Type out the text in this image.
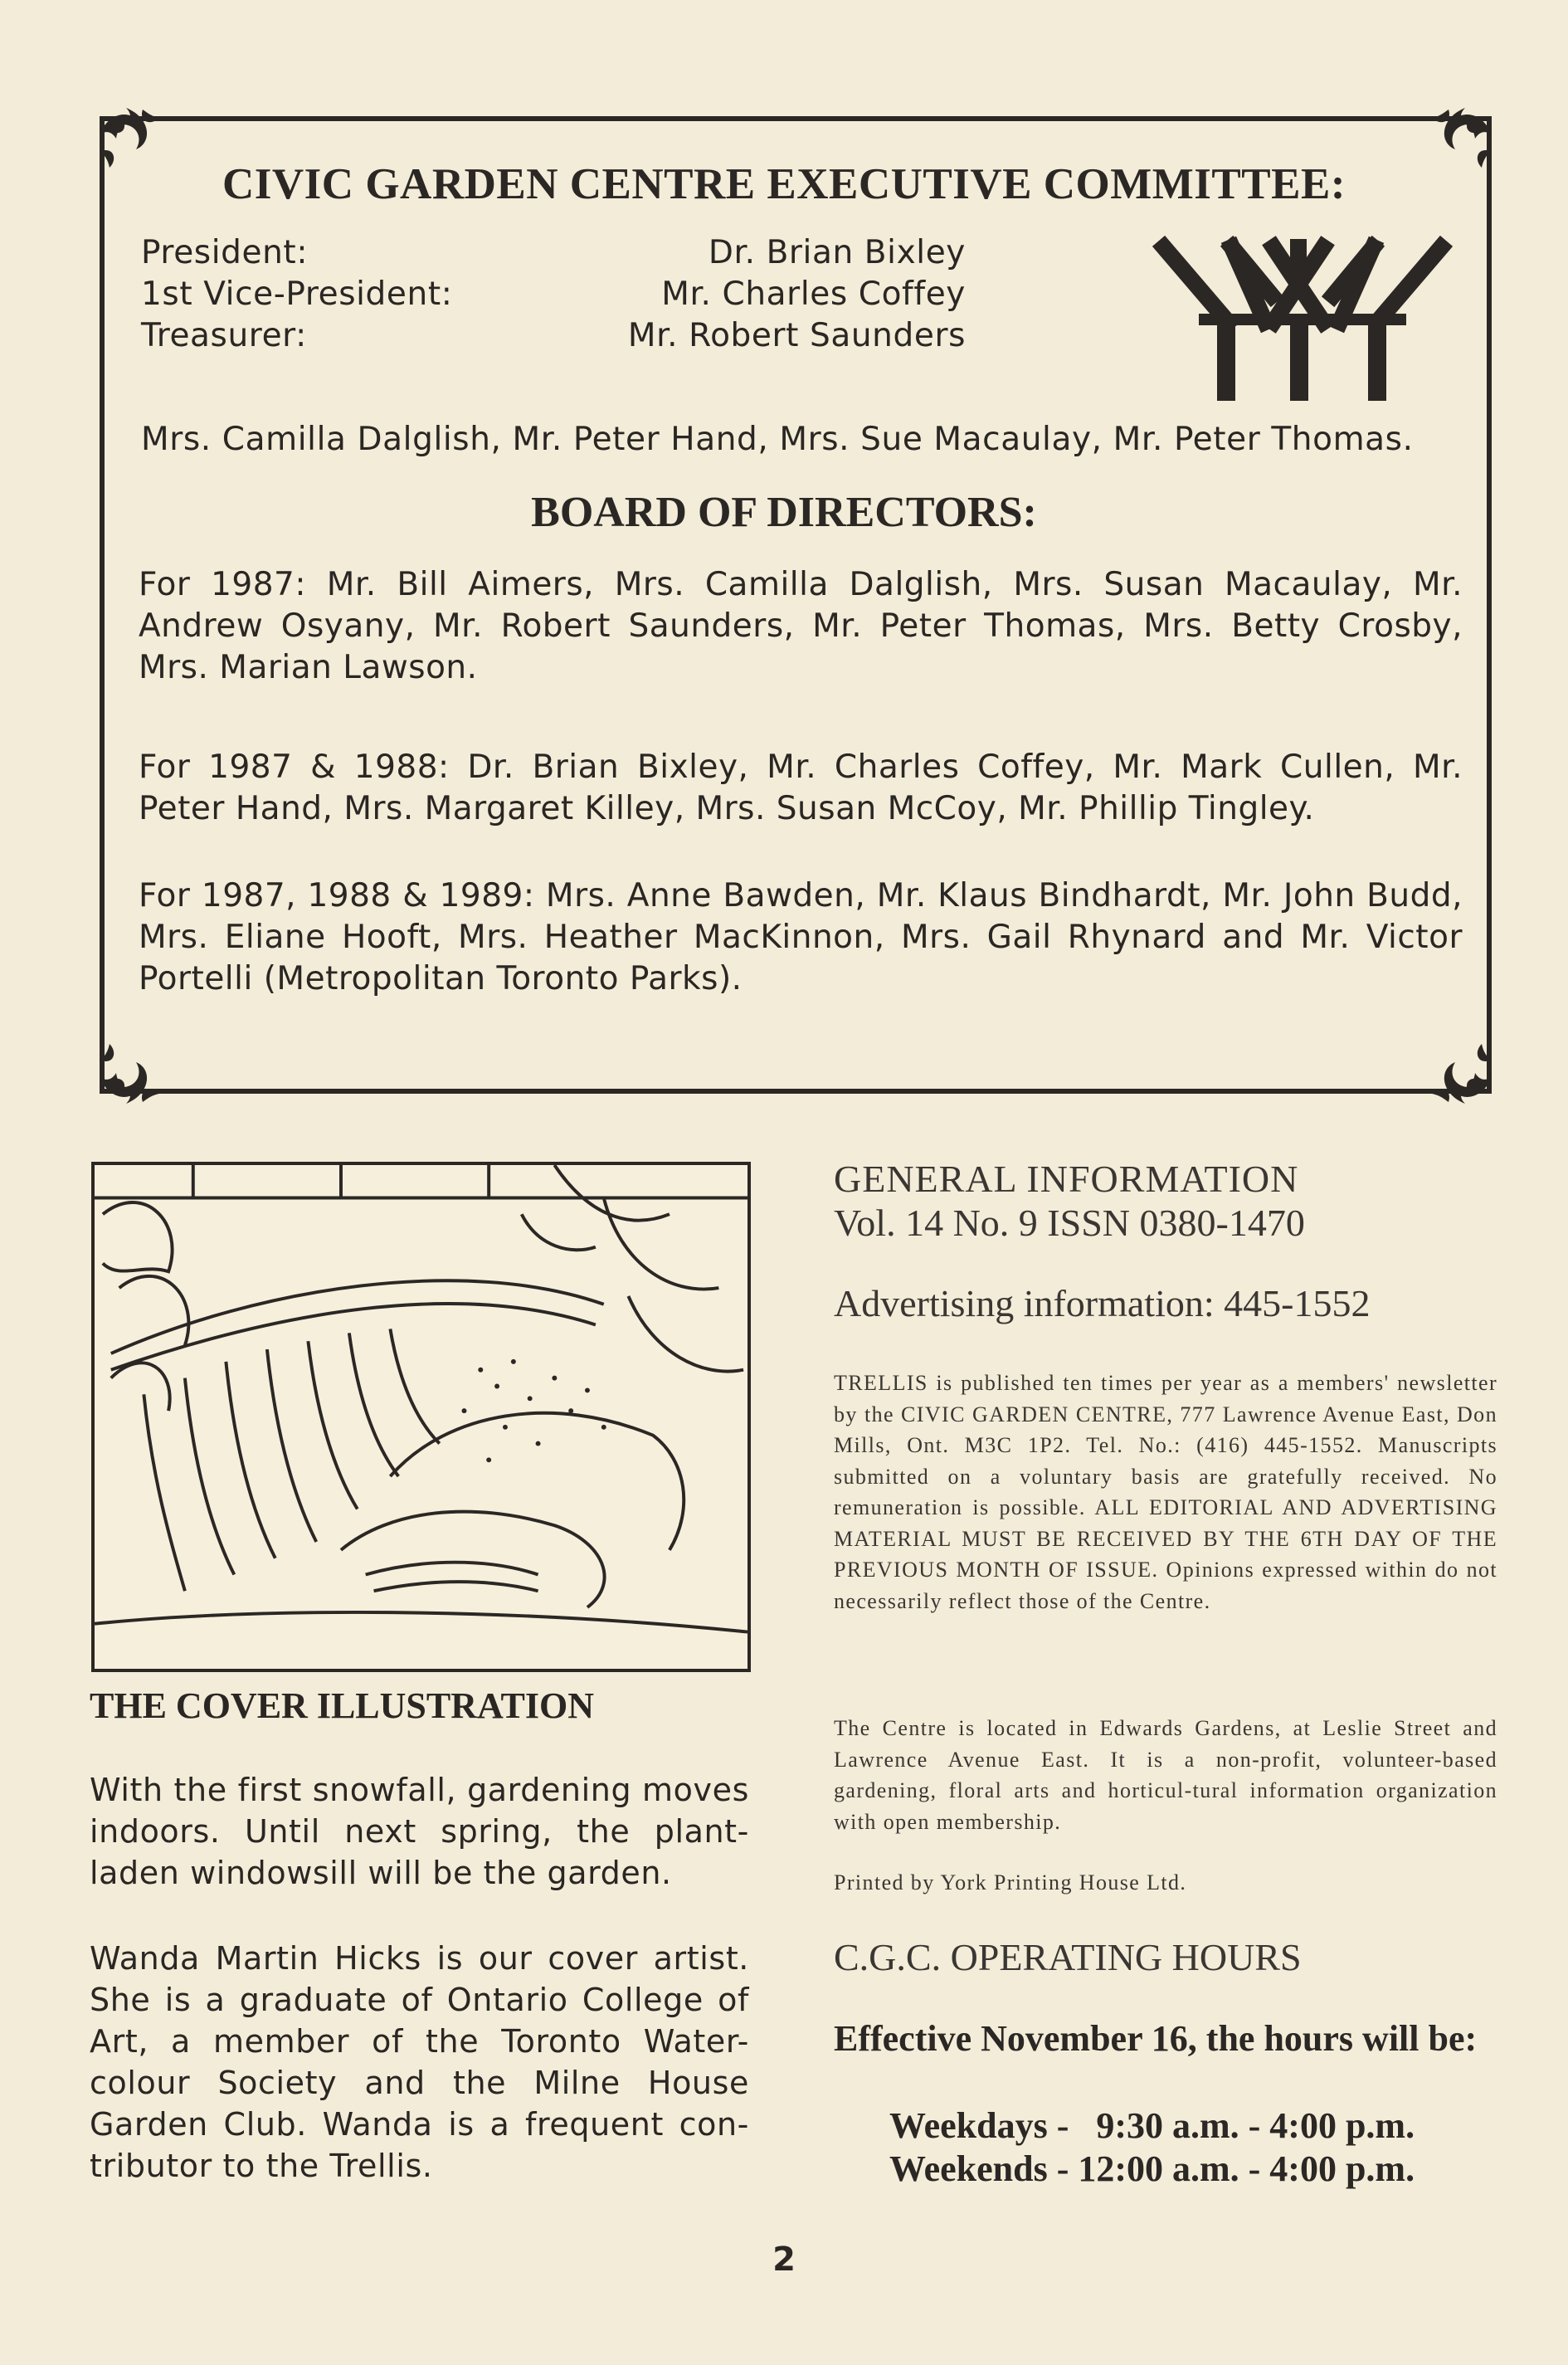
CIVIC GARDEN CENTRE EXECUTIVE COMMITTEE:
President:	Dr. Brian Bixley
1st Vice-President:	Mr. Charles Coffey
Treasurer:	Mr. Robert Saunders
Mrs. Camilla Dalglish, Mr. Peter Hand, Mrs. Sue Macaulay, Mr. Peter Thomas.
BOARD OF DIRECTORS:
For 1987: Mr. Bill Aimers, Mrs. Camilla Dalglish, Mrs. Susan Macaulay, Mr. Andrew Osyany, Mr. Robert Saunders, Mr. Peter Thomas, Mrs. Betty Crosby, Mrs. Marian Lawson.
For 1987 & 1988: Dr. Brian Bixley, Mr. Charles Coffey, Mr. Mark Cullen, Mr. Peter Hand, Mrs. Margaret Killey, Mrs. Susan McCoy, Mr. Phillip Tingley.
For 1987, 1988 & 1989: Mrs. Anne Bawden, Mr. Klaus Bindhardt, Mr. John Budd, Mrs. Eliane Hooft, Mrs. Heather MacKinnon, Mrs. Gail Rhynard and Mr. Victor Portelli (Metropolitan Toronto Parks).
THE COVER ILLUSTRATION
With the first snowfall, gardening moves indoors. Until next spring, the plant-laden windowsill will be the garden.
Wanda Martin Hicks is our cover artist. She is a graduate of Ontario College of Art, a member of the Toronto Water-colour Society and the Milne House Garden Club. Wanda is a frequent con-tributor to the Trellis.
GENERAL INFORMATION
Vol. 14 No. 9 ISSN 0380-1470
Advertising information: 445-1552
TRELLIS is published ten times per year as a members' newsletter by the CIVIC GARDEN CENTRE, 777 Lawrence Avenue East, Don Mills, Ont. M3C 1P2. Tel. No.: (416) 445-1552. Manuscripts submitted on a voluntary basis are gratefully received. No remuneration is possible. ALL EDITORIAL AND ADVERTISING MATERIAL MUST BE RECEIVED BY THE 6TH DAY OF THE PREVIOUS MONTH OF ISSUE. Opinions expressed within do not necessarily reflect those of the Centre.
The Centre is located in Edwards Gardens, at Leslie Street and Lawrence Avenue East. It is a non-profit, volunteer-based gardening, floral arts and horticul-tural information organization with open membership.
Printed by York Printing House Ltd.
C.G.C. OPERATING HOURS
Effective November 16, the hours will be:
Weekdays -   9:30 a.m. - 4:00 p.m.
Weekends - 12:00 a.m. - 4:00 p.m.
2
